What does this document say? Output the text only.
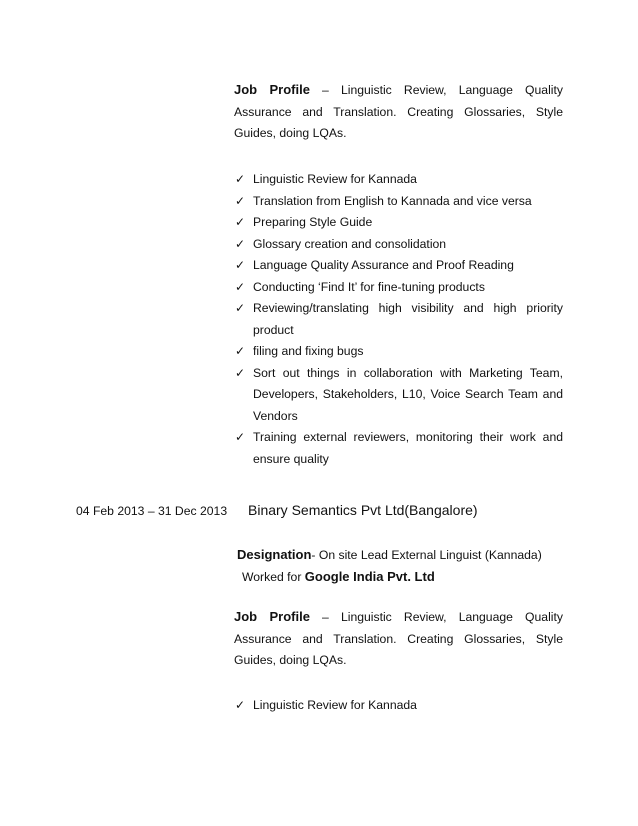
Job Profile – Linguistic Review, Language Quality Assurance and Translation. Creating Glossaries, Style Guides, doing LQAs.
✓ Linguistic Review for Kannada
✓ Translation from English to Kannada and vice versa
✓ Preparing Style Guide
✓ Glossary creation and consolidation
✓ Language Quality Assurance and Proof Reading
✓ Conducting ‘Find It’ for fine-tuning products
✓ Reviewing/translating high visibility and high priority product
✓ filing and fixing bugs
✓ Sort out things in collaboration with Marketing Team, Developers, Stakeholders, L10, Voice Search Team and Vendors
✓ Training external reviewers, monitoring their work and ensure quality
04 Feb 2013 – 31 Dec 2013 Binary Semantics Pvt Ltd(Bangalore)
Designation- On site Lead External Linguist (Kannada)
Worked for Google India Pvt. Ltd
Job Profile – Linguistic Review, Language Quality Assurance and Translation. Creating Glossaries, Style Guides, doing LQAs.
✓ Linguistic Review for Kannada
